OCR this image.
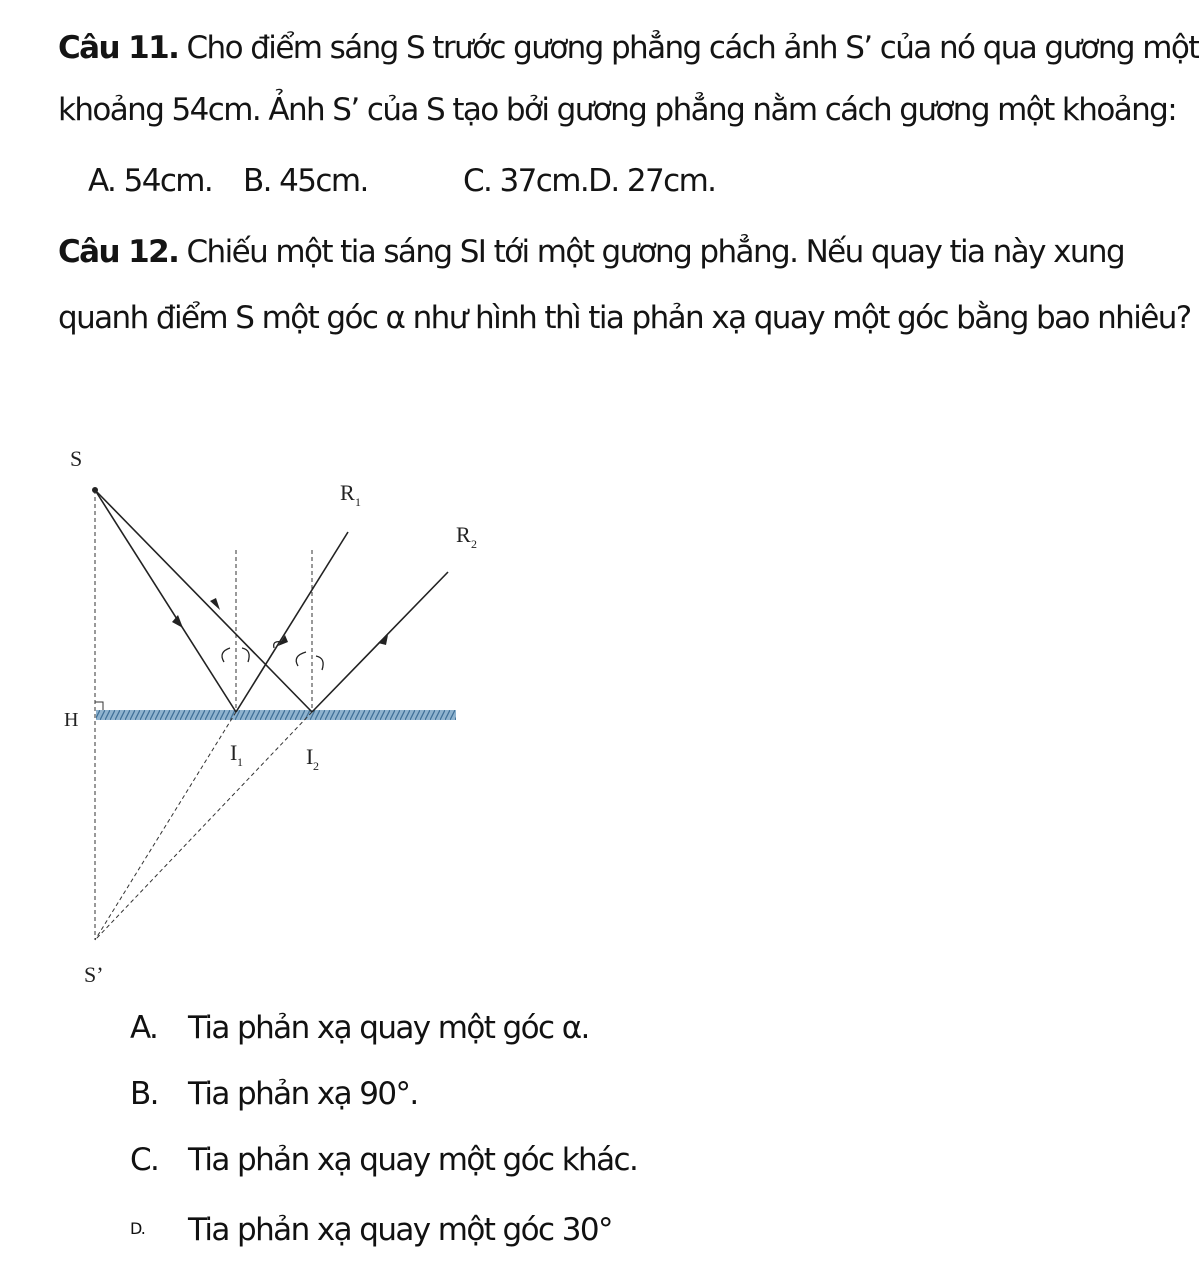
Câu 11. Cho điểm sáng S trước gương phẳng cách ảnh S’ của nó qua gương một
khoảng 54cm. Ảnh S’ của S tạo bởi gương phẳng nằm cách gương một khoảng:
A. 54cm. B. 45cm.	C. 37cm.D. 27cm.
Câu 12. Chiếu một tia sáng SI tới một gương phẳng. Nếu quay tia này xung
quanh điểm S một góc α như hình thì tia phản xạ quay một góc bằng bao nhiêu?
S
R 1
R 2
H
I 1	I 2
S’
A. Tia phản xạ quay một góc α.
B. Tia phản xạ 90°.
C. Tia phản xạ quay một góc khác.
D. Tia phản xạ quay một góc 30°
